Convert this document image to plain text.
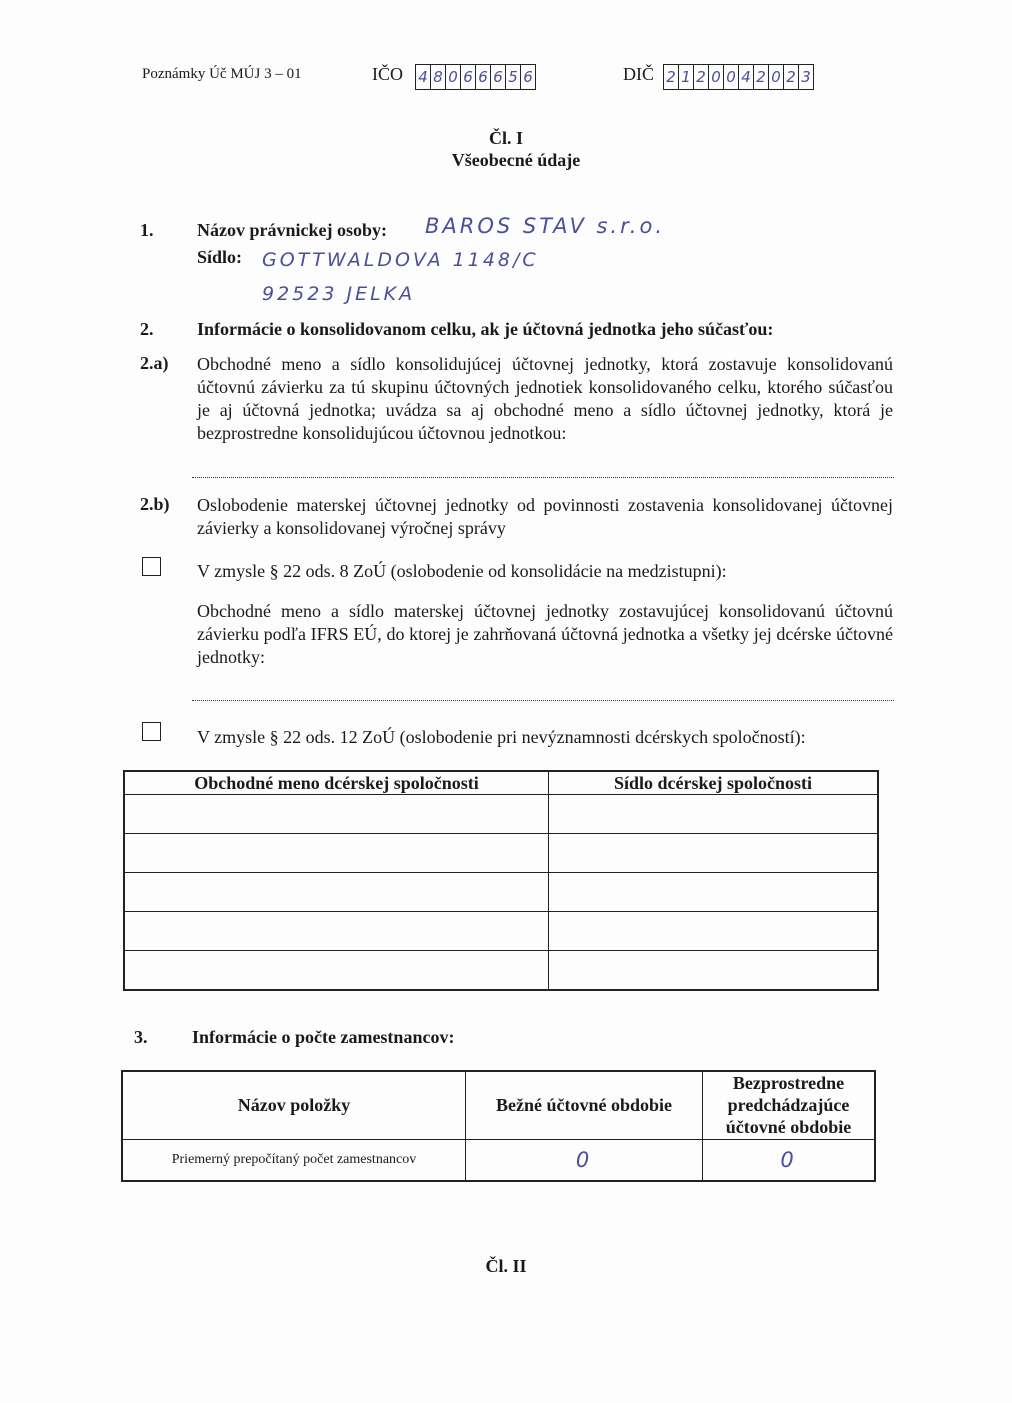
Poznámky Úč MÚJ 3 – 01	IČO 4 8 0 6 6 6 5 6	DIČ 2 1 2 0 0 4 2 0 2 3
Čl. I
Všeobecné údaje
1. Názov právnickej osoby: BAROS STAV s.r.o.
Sídlo: GOTTWALDOVA 1148/C
92523 JELKA
2. Informácie o konsolidovanom celku, ak je účtovná jednotka jeho súčasťou:
2.a) Obchodné meno a sídlo konsolidujúcej účtovnej jednotky, ktorá zostavuje konsolidovanú účtovnú závierku za tú skupinu účtovných jednotiek konsolidovaného celku, ktorého súčasťou je aj účtovná jednotka; uvádza sa aj obchodné meno a sídlo účtovnej jednotky, ktorá je bezprostredne konsolidujúcou účtovnou jednotkou:
2.b) Oslobodenie materskej účtovnej jednotky od povinnosti zostavenia konsolidovanej účtovnej závierky a konsolidovanej výročnej správy
V zmysle § 22 ods. 8 ZoÚ (oslobodenie od konsolidácie na medzistupni):
Obchodné meno a sídlo materskej účtovnej jednotky zostavujúcej konsolidovanú účtovnú závierku podľa IFRS EÚ, do ktorej je zahrňovaná účtovná jednotka a všetky jej dcérske účtovné jednotky:
V zmysle § 22 ods. 12 ZoÚ (oslobodenie pri nevýznamnosti dcérskych spoločností):
Obchodné meno dcérskej spoločnosti	Sídlo dcérskej spoločnosti

3. Informácie o počte zamestnancov:
Názov položky	Bežné účtovné obdobie	Bezprostredne predchádzajúce účtovné obdobie
Priemerný prepočítaný počet zamestnancov	0	0
Čl. II
